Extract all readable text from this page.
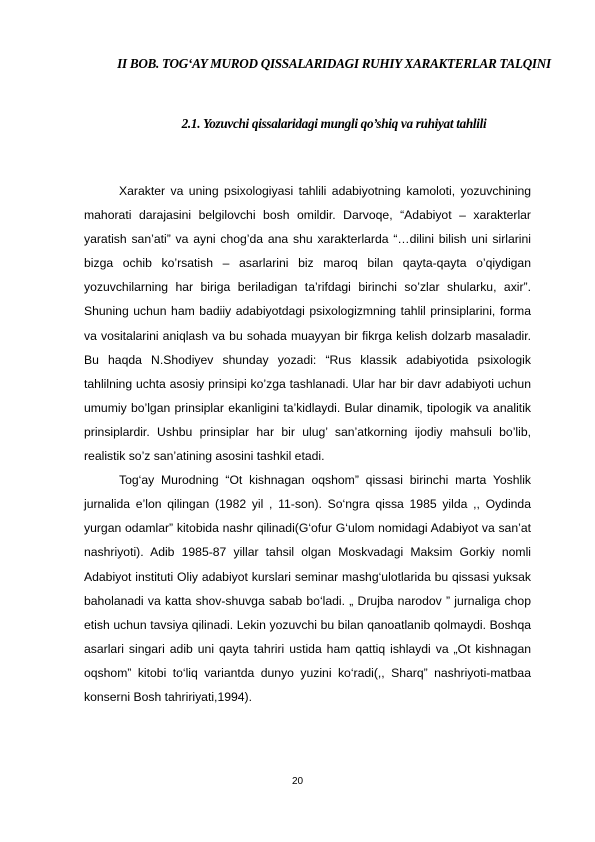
II BOB. TOG‘AY MUROD QISSALARIDAGI RUHIY XARAKTERLAR TALQINI
2.1. Yozuvchi qissalaridagi mungli qo’shiq va ruhiyat tahlili

Xarakter va uning psixologiyasi tahlili adabiyotning kamoloti, yozuvchining mahorati darajasini belgilovchi bosh omildir. Darvoqe, “Adabiyot – xarakterlar yaratish san’ati” va ayni chog’da ana shu xarakterlarda “…dilini bilish uni sirlarini bizga ochib ko’rsatish – asarlarini biz maroq bilan qayta-qayta o’qiydigan yozuvchilarning har biriga beriladigan ta’rifdagi birinchi so’zlar shularku, axir”. Shuning uchun ham badiiy adabiyotdagi psixologizmning tahlil prinsiplarini, forma va vositalarini aniqlash va bu sohada muayyan bir fikrga kelish dolzarb masaladir. Bu haqda N.Shodiyev shunday yozadi: “Rus klassik adabiyotida psixologik tahlilning uchta asosiy prinsipi ko’zga tashlanadi. Ular har bir davr adabiyoti uchun umumiy bo’lgan prinsiplar ekanligini ta’kidlaydi. Bular dinamik, tipologik va analitik prinsiplardir. Ushbu prinsiplar har bir ulug’ san’atkorning ijodiy mahsuli bo’lib, realistik so’z san’atining asosini tashkil etadi.

Tog‘ay Murodning “Ot kishnagan oqshom” qissasi birinchi marta Yoshlik jurnalida e’lon qilingan (1982 yil , 11-son). So‘ngra qissa 1985 yilda ,, Oydinda yurgan odamlar” kitobida nashr qilinadi(G‘ofur G‘ulom nomidagi Adabiyot va san’at nashriyoti). Adib 1985-87 yillar tahsil olgan Moskvadagi Maksim Gorkiy nomli Adabiyot instituti Oliy adabiyot kurslari seminar mashg‘ulotlarida bu qissasi yuksak baholanadi va katta shov-shuvga sabab bo‘ladi. „ Drujba narodov ” jurnaliga chop etish uchun tavsiya qilinadi. Lekin yozuvchi bu bilan qanoatlanib qolmaydi. Boshqa asarlari singari adib uni qayta tahriri ustida ham qattiq ishlaydi va „Ot kishnagan oqshom” kitobi to‘liq variantda dunyo yuzini ko‘radi(,, Sharq” nashriyoti-matbaa konserni Bosh tahririyati,1994).

20
